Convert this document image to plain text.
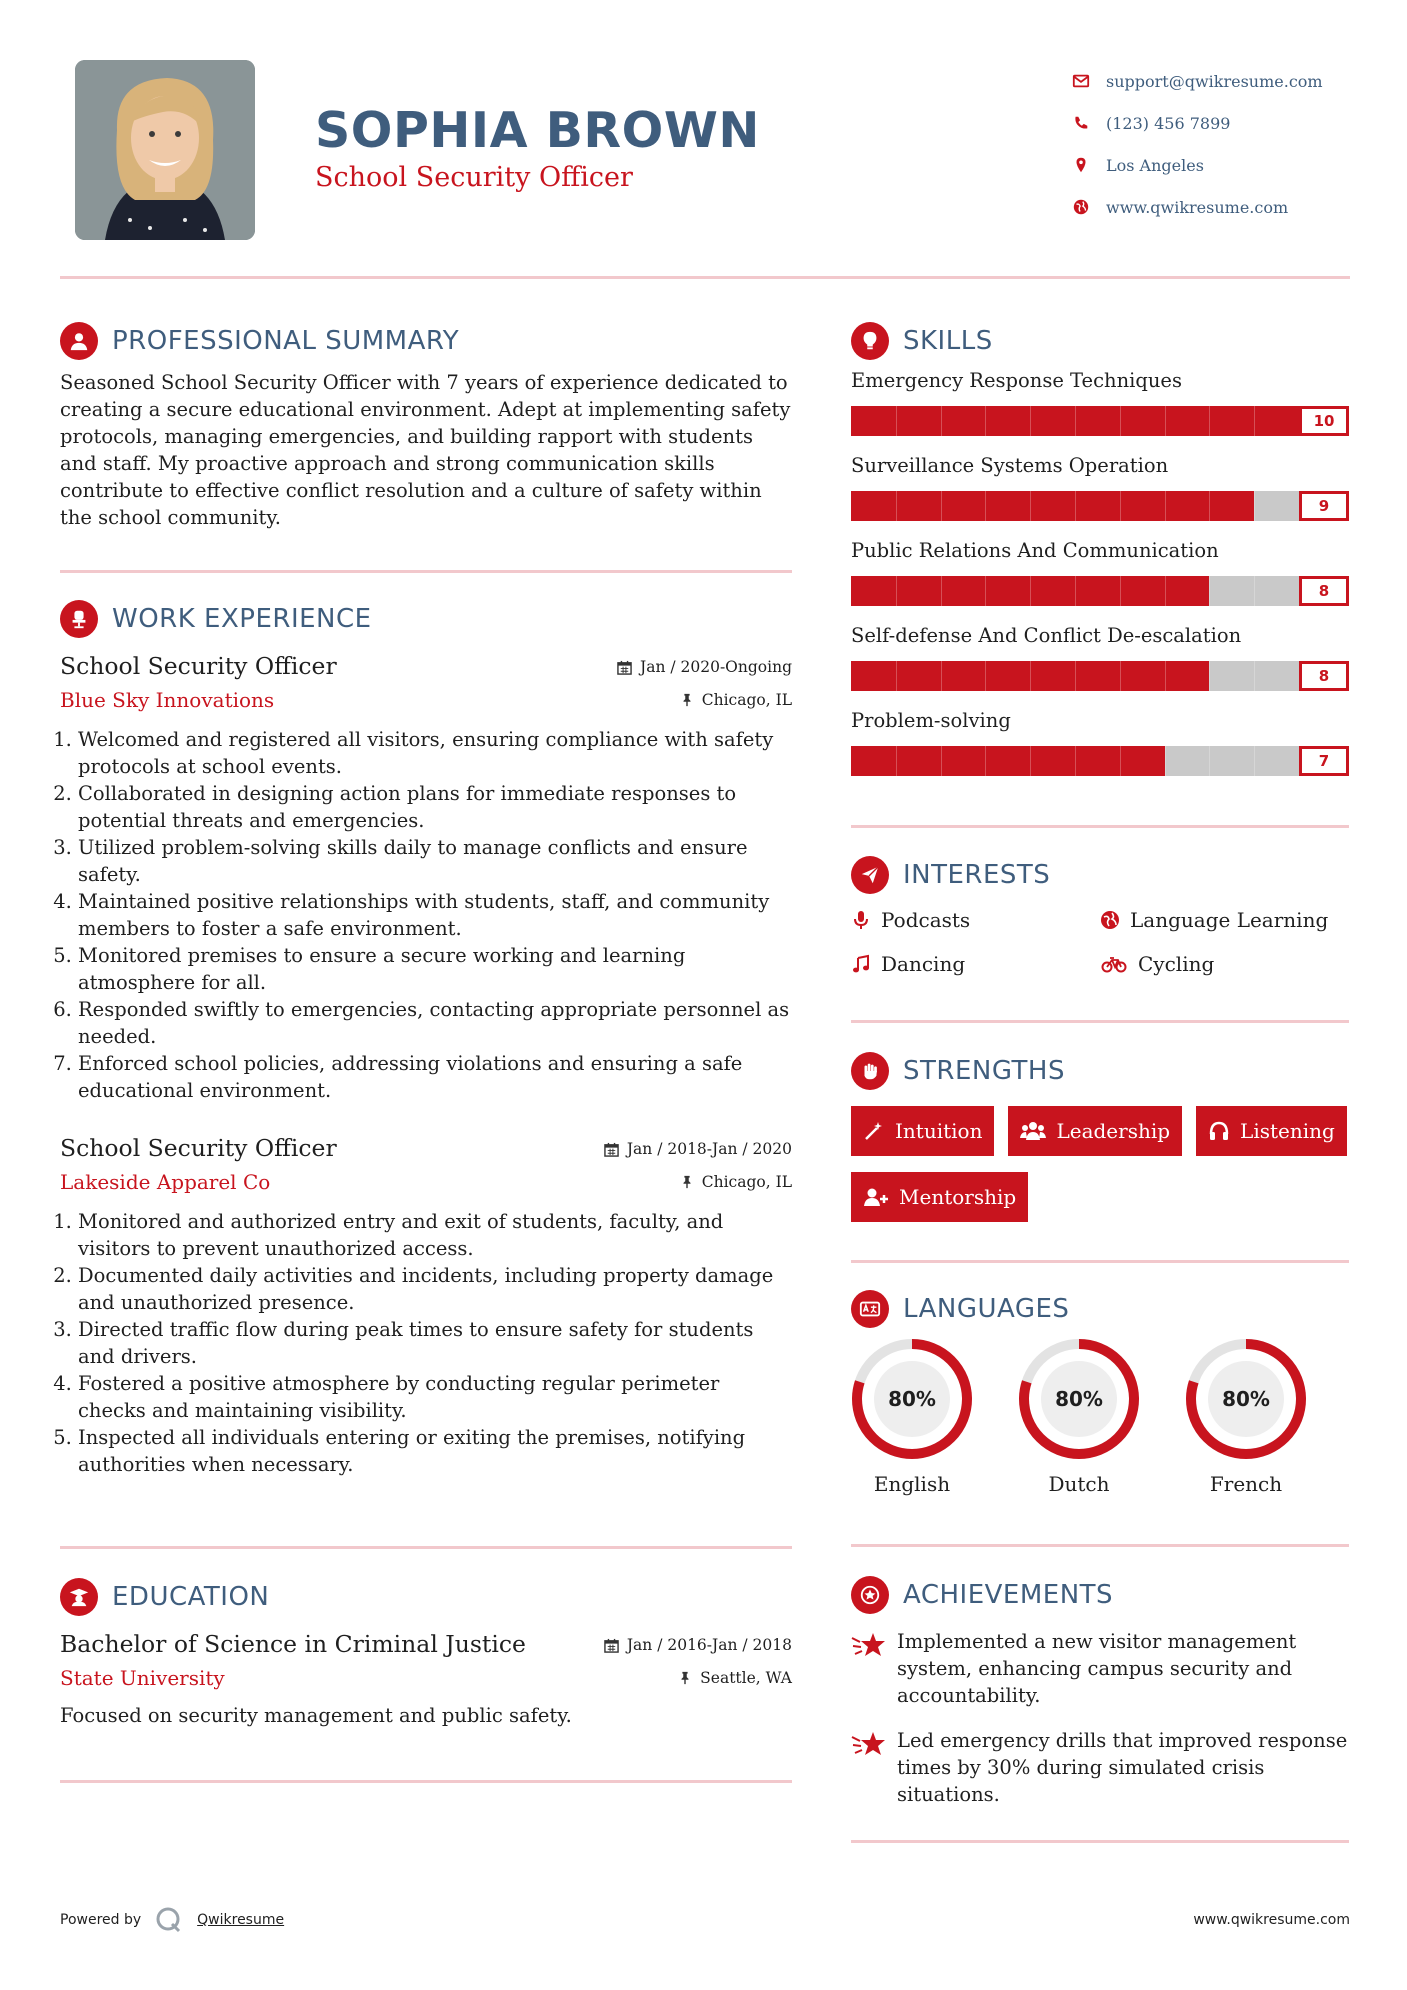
SOPHIA BROWN
School Security Officer
support@qwikresume.com
(123) 456 7899
Los Angeles
www.qwikresume.com
PROFESSIONAL SUMMARY
Seasoned School Security Officer with 7 years of experience dedicated to creating a secure educational environment. Adept at implementing safety protocols, managing emergencies, and building rapport with students and staff. My proactive approach and strong communication skills contribute to effective conflict resolution and a culture of safety within the school community.
WORK EXPERIENCE
School Security Officer	Jan / 2020-Ongoing
Blue Sky Innovations	Chicago, IL
1. Welcomed and registered all visitors, ensuring compliance with safety protocols at school events.
2. Collaborated in designing action plans for immediate responses to potential threats and emergencies.
3. Utilized problem-solving skills daily to manage conflicts and ensure safety.
4. Maintained positive relationships with students, staff, and community members to foster a safe environment.
5. Monitored premises to ensure a secure working and learning atmosphere for all.
6. Responded swiftly to emergencies, contacting appropriate personnel as needed.
7. Enforced school policies, addressing violations and ensuring a safe educational environment.
School Security Officer	Jan / 2018-Jan / 2020
Lakeside Apparel Co	Chicago, IL
1. Monitored and authorized entry and exit of students, faculty, and visitors to prevent unauthorized access.
2. Documented daily activities and incidents, including property damage and unauthorized presence.
3. Directed traffic flow during peak times to ensure safety for students and drivers.
4. Fostered a positive atmosphere by conducting regular perimeter checks and maintaining visibility.
5. Inspected all individuals entering or exiting the premises, notifying authorities when necessary.
EDUCATION
Bachelor of Science in Criminal Justice	Jan / 2016-Jan / 2018
State University	Seattle, WA
Focused on security management and public safety.
SKILLS
Emergency Response Techniques
10
Surveillance Systems Operation
9
Public Relations And Communication
8
Self-defense And Conflict De-escalation
8
Problem-solving
7
INTERESTS
Podcasts	Language Learning
Dancing	Cycling
STRENGTHS
Intuition	Leadership	Listening
Mentorship
LANGUAGES
80%
English
80%
Dutch
80%
French
ACHIEVEMENTS
Implemented a new visitor management system, enhancing campus security and accountability.
Led emergency drills that improved response times by 30% during simulated crisis situations.
Powered by	Qwikresume	www.qwikresume.com
